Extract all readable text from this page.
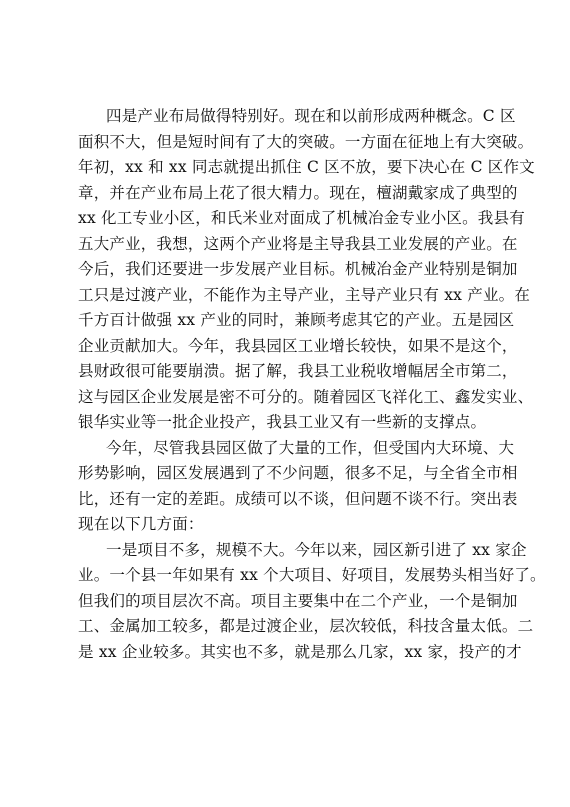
四是产业布局做得特别好。现在和以前形成两种概念。C 区
面积不大，但是短时间有了大的突破。一方面在征地上有大突破。
年初，xx 和 xx 同志就提出抓住 C 区不放，要下决心在 C 区作文
章，并在产业布局上花了很大精力。现在，檀湖戴家成了典型的
xx 化工专业小区，和氏米业对面成了机械冶金专业小区。我县有
五大产业，我想，这两个产业将是主导我县工业发展的产业。在
今后，我们还要进一步发展产业目标。机械冶金产业特别是铜加
工只是过渡产业，不能作为主导产业，主导产业只有 xx 产业。在
千方百计做强 xx 产业的同时，兼顾考虑其它的产业。五是园区
企业贡献加大。今年，我县园区工业增长较快，如果不是这个，
县财政很可能要崩溃。据了解，我县工业税收增幅居全市第二，
这与园区企业发展是密不可分的。随着园区飞祥化工、鑫发实业、
银华实业等一批企业投产，我县工业又有一些新的支撑点。
今年，尽管我县园区做了大量的工作，但受国内大环境、大
形势影响，园区发展遇到了不少问题，很多不足，与全省全市相
比，还有一定的差距。成绩可以不谈，但问题不谈不行。突出表
现在以下几方面：
一是项目不多，规模不大。今年以来，园区新引进了 xx 家企
业。一个县一年如果有 xx 个大项目、好项目，发展势头相当好了。
但我们的项目层次不高。项目主要集中在二个产业，一个是铜加
工、金属加工较多，都是过渡企业，层次较低，科技含量太低。二
是 xx 企业较多。其实也不多，就是那么几家，xx 家，投产的才
